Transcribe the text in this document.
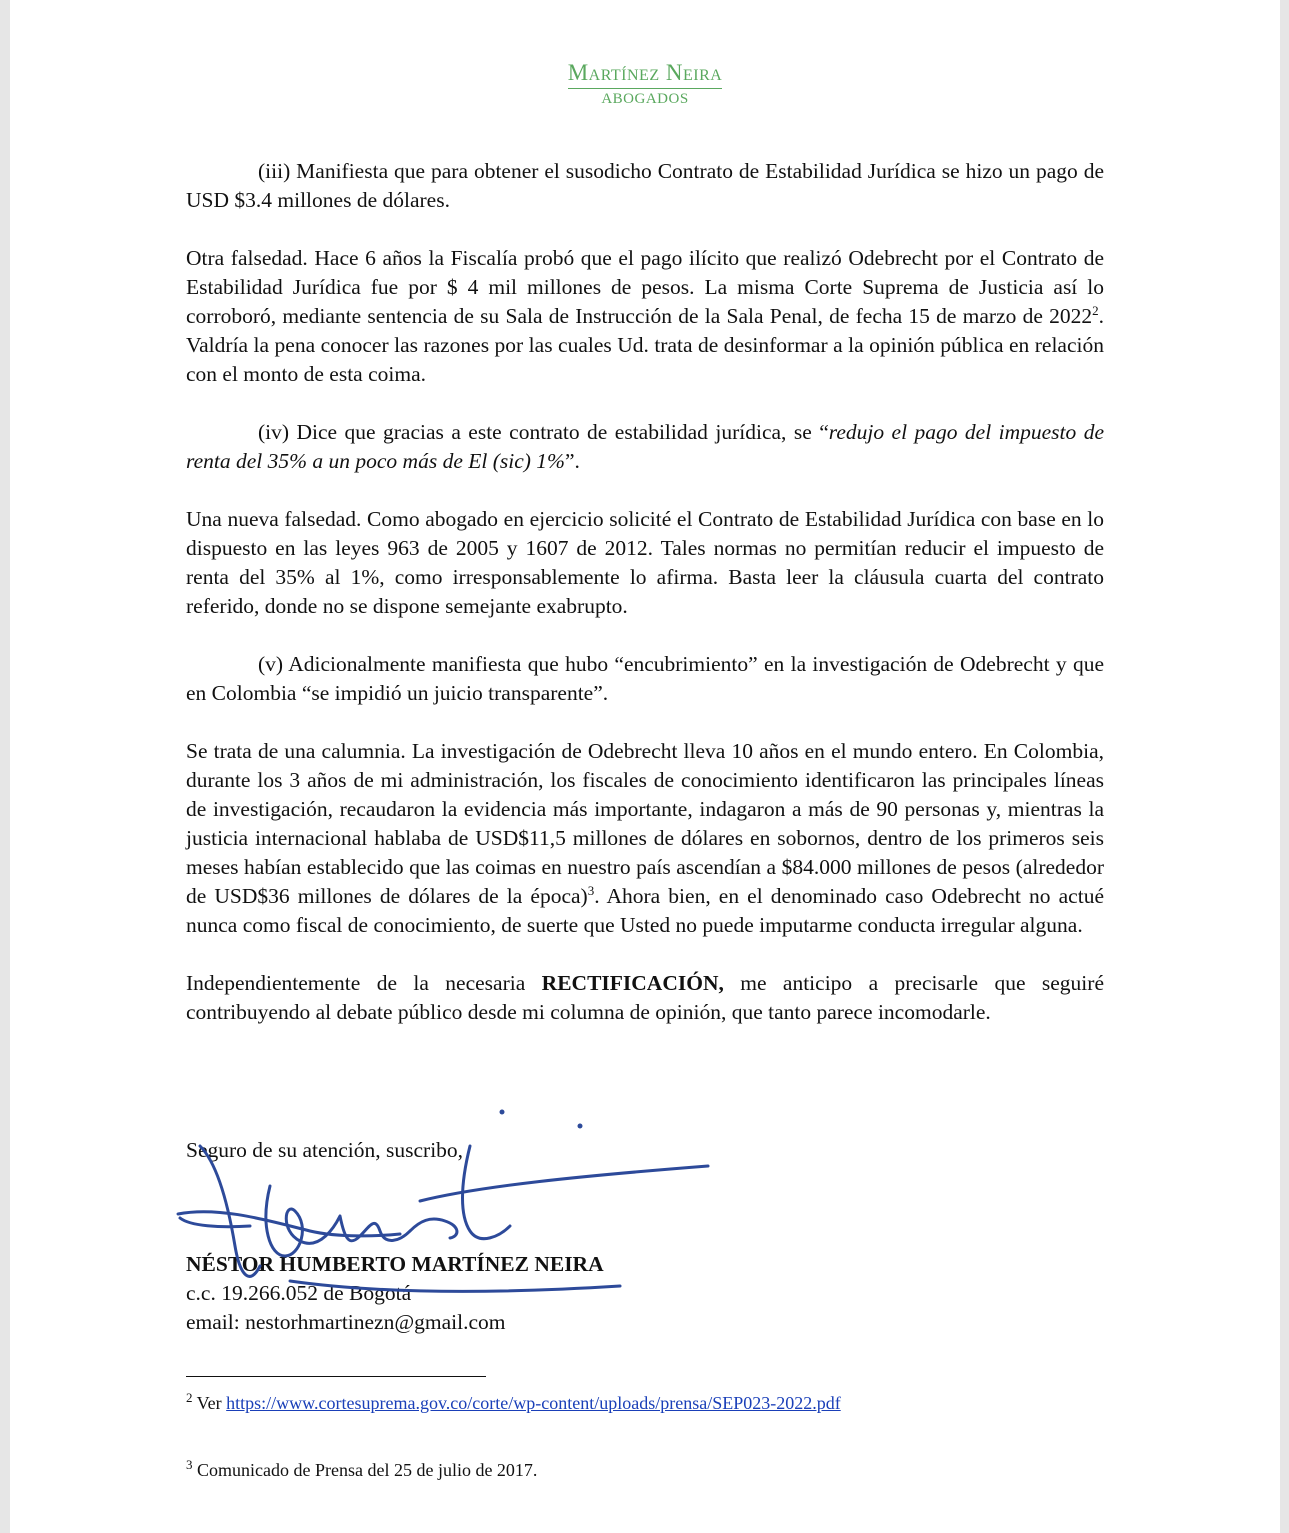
Martínez Neira
ABOGADOS

(iii) Manifiesta que para obtener el susodicho Contrato de Estabilidad Jurídica se hizo un pago de USD $3.4 millones de dólares.

Otra falsedad. Hace 6 años la Fiscalía probó que el pago ilícito que realizó Odebrecht por el Contrato de Estabilidad Jurídica fue por $ 4 mil millones de pesos. La misma Corte Suprema de Justicia así lo corroboró, mediante sentencia de su Sala de Instrucción de la Sala Penal, de fecha 15 de marzo de 2022$^2$. Valdría la pena conocer las razones por las cuales Ud. trata de desinformar a la opinión pública en relación con el monto de esta coima.

(iv) Dice que gracias a este contrato de estabilidad jurídica, se “redujo el pago del impuesto de renta del 35% a un poco más de El (sic) 1%”.

Una nueva falsedad. Como abogado en ejercicio solicité el Contrato de Estabilidad Jurídica con base en lo dispuesto en las leyes 963 de 2005 y 1607 de 2012. Tales normas no permitían reducir el impuesto de renta del 35% al 1%, como irresponsablemente lo afirma. Basta leer la cláusula cuarta del contrato referido, donde no se dispone semejante exabrupto.

(v) Adicionalmente manifiesta que hubo “encubrimiento” en la investigación de Odebrecht y que en Colombia “se impidió un juicio transparente”.

Se trata de una calumnia. La investigación de Odebrecht lleva 10 años en el mundo entero. En Colombia, durante los 3 años de mi administración, los fiscales de conocimiento identificaron las principales líneas de investigación, recaudaron la evidencia más importante, indagaron a más de 90 personas y, mientras la justicia internacional hablaba de USD$11,5 millones de dólares en sobornos, dentro de los primeros seis meses habían establecido que las coimas en nuestro país ascendían a $84.000 millones de pesos (alrededor de USD$36 millones de dólares de la época)$^3$. Ahora bien, en el denominado caso Odebrecht no actué nunca como fiscal de conocimiento, de suerte que Usted no puede imputarme conducta irregular alguna.

Independientemente de la necesaria RECTIFICACIÓN, me anticipo a precisarle que seguiré contribuyendo al debate público desde mi columna de opinión, que tanto parece incomodarle.

Seguro de su atención, suscribo,
NÉSTOR HUMBERTO MARTÍNEZ NEIRA
c.c. 19.266.052 de Bogotá
email: nestorhmartinezn@gmail.com
$^2$ Ver https://www.cortesuprema.gov.co/corte/wp-content/uploads/prensa/SEP023-2022.pdf
$^3$ Comunicado de Prensa del 25 de julio de 2017.
